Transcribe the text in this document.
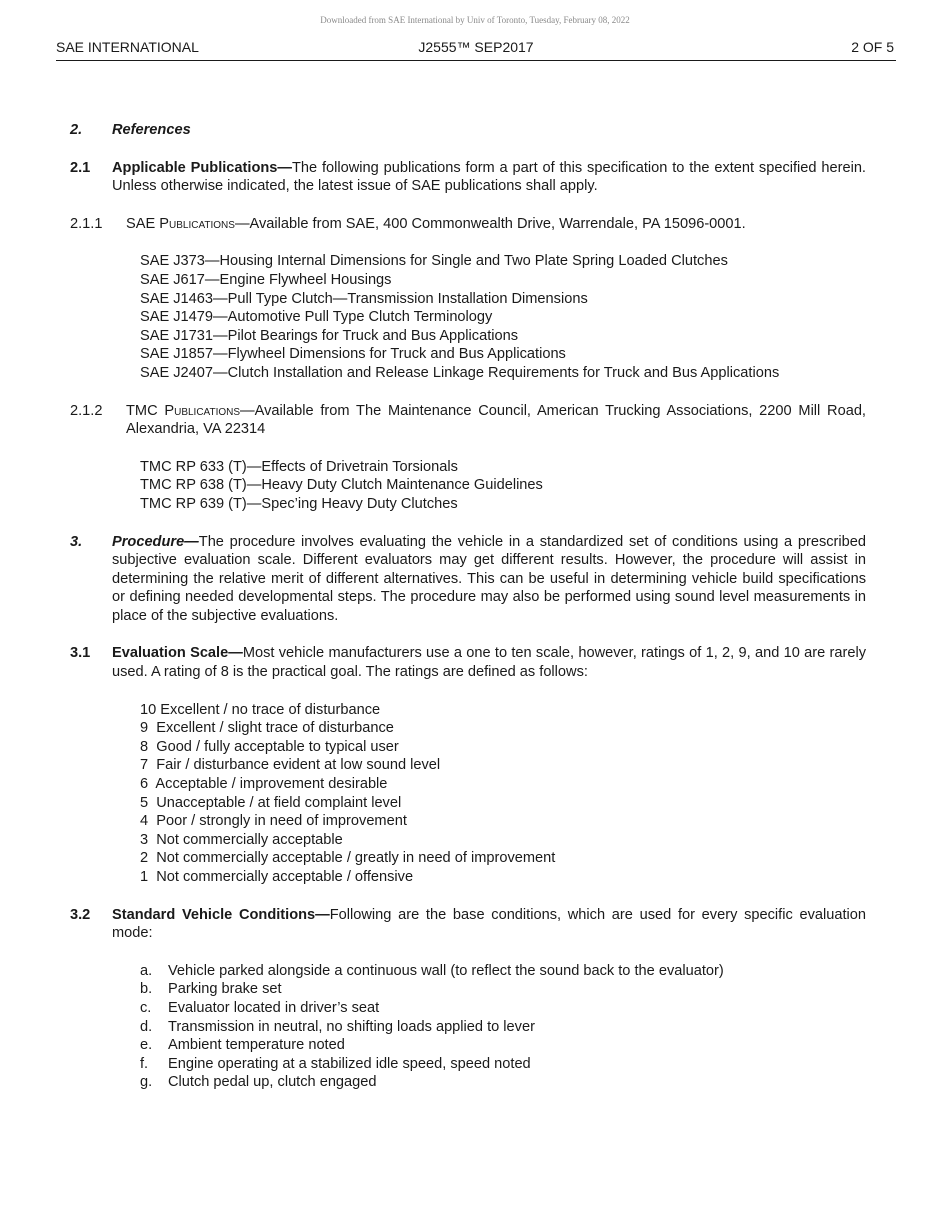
Downloaded from SAE International by Univ of Toronto, Tuesday, February 08, 2022
J2555™ SEP2017
SAE INTERNATIONAL	2 OF 5
2. References
2.1 Applicable Publications—The following publications form a part of this specification to the extent specified herein. Unless otherwise indicated, the latest issue of SAE publications shall apply.
2.1.1 SAE Publications—Available from SAE, 400 Commonwealth Drive, Warrendale, PA 15096-0001.
SAE J373—Housing Internal Dimensions for Single and Two Plate Spring Loaded Clutches
SAE J617—Engine Flywheel Housings
SAE J1463—Pull Type Clutch—Transmission Installation Dimensions
SAE J1479—Automotive Pull Type Clutch Terminology
SAE J1731—Pilot Bearings for Truck and Bus Applications
SAE J1857—Flywheel Dimensions for Truck and Bus Applications
SAE J2407—Clutch Installation and Release Linkage Requirements for Truck and Bus Applications
2.1.2 TMC Publications—Available from The Maintenance Council, American Trucking Associations, 2200 Mill Road, Alexandria, VA 22314
TMC RP 633 (T)—Effects of Drivetrain Torsionals
TMC RP 638 (T)—Heavy Duty Clutch Maintenance Guidelines
TMC RP 639 (T)—Spec’ing Heavy Duty Clutches
3. Procedure—The procedure involves evaluating the vehicle in a standardized set of conditions using a prescribed subjective evaluation scale. Different evaluators may get different results. However, the procedure will assist in determining the relative merit of different alternatives. This can be useful in determining vehicle build specifications or defining needed developmental steps. The procedure may also be performed using sound level measurements in place of the subjective evaluations.
3.1 Evaluation Scale—Most vehicle manufacturers use a one to ten scale, however, ratings of 1, 2, 9, and 10 are rarely used. A rating of 8 is the practical goal. The ratings are defined as follows:
10 Excellent / no trace of disturbance
9  Excellent / slight trace of disturbance
8  Good / fully acceptable to typical user
7  Fair / disturbance evident at low sound level
6  Acceptable / improvement desirable
5  Unacceptable / at field complaint level
4  Poor / strongly in need of improvement
3  Not commercially acceptable
2  Not commercially acceptable / greatly in need of improvement
1  Not commercially acceptable / offensive
3.2 Standard Vehicle Conditions—Following are the base conditions, which are used for every specific evaluation mode:
a. Vehicle parked alongside a continuous wall (to reflect the sound back to the evaluator)
b. Parking brake set
c. Evaluator located in driver’s seat
d. Transmission in neutral, no shifting loads applied to lever
e. Ambient temperature noted
f. Engine operating at a stabilized idle speed, speed noted
g. Clutch pedal up, clutch engaged
